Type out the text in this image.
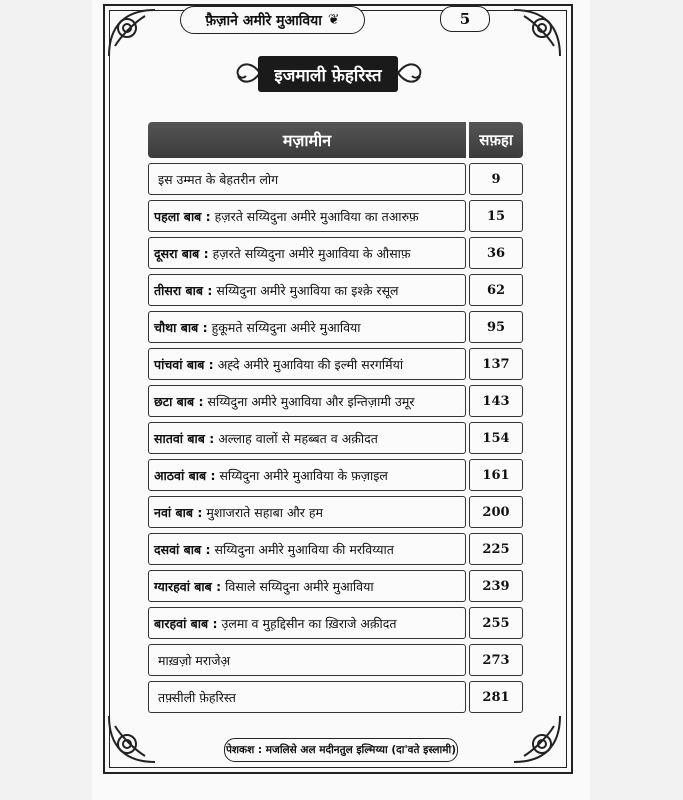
फ़ैज़ाने अमीरे मुआविया ❦	5
इजमाली फ़ेहरिस्त
मज़ामीन	सफ़हा
इस उम्मत के बेहतरीन लोग	9
पहला बाब : हज़रते सय्यिदुना अमीरे मुआविया का तआरुफ़	15
दूसरा बाब : हज़रते सय्यिदुना अमीरे मुआविया के औसाफ़	36
तीसरा बाब : सय्यिदुना अमीरे मुआविया का इश्क़े रसूल	62
चौथा बाब : हुकूमते सय्यिदुना अमीरे मुआविया	95
पांचवां बाब : अह्दे अमीरे मुआविया की इल्मी सरगर्मियां	137
छटा बाब : सय्यिदुना अमीरे मुआविया और इन्तिज़ामी उमूर	143
सातवां बाब : अल्लाह वालों से महब्बत व अक़ीदत	154
आठवां बाब : सय्यिदुना अमीरे मुआविया के फ़ज़ाइल	161
नवां बाब : मुशाजराते सहाबा और हम	200
दसवां बाब : सय्यिदुना अमीरे मुआविया की मरविय्यात	225
ग्यारहवां बाब : विसाले सय्यिदुना अमीरे मुआविया	239
बारहवां बाब : उ़लमा व मुह़द्दिसीन का ख़िराजे अक़ीदत	255
माख़ज़ो मराजेअ़	273
तफ़्सीली फ़ेहरिस्त	281
पेशकश : मजलिसे अल मदीनतुल इल्मिय्या (दा'वते इस्लामी)
